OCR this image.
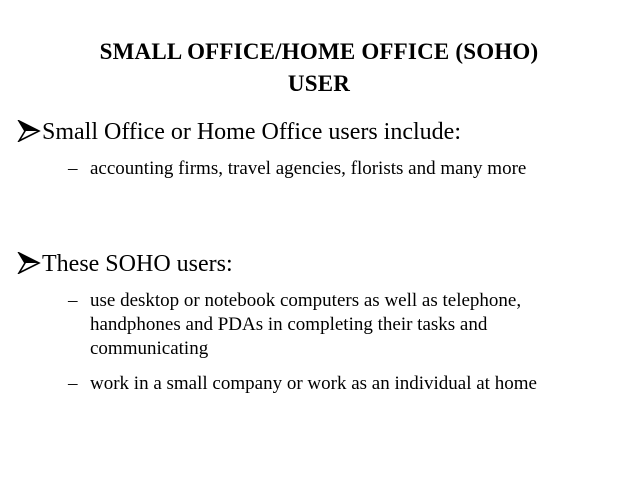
SMALL OFFICE/HOME OFFICE (SOHO)
USER
Small Office or Home Office users include:
– accounting firms, travel agencies, florists and many more
These SOHO users:
– use desktop or notebook computers as well as telephone, handphones and PDAs in completing their tasks and communicating
– work in a small company or work as an individual at home
